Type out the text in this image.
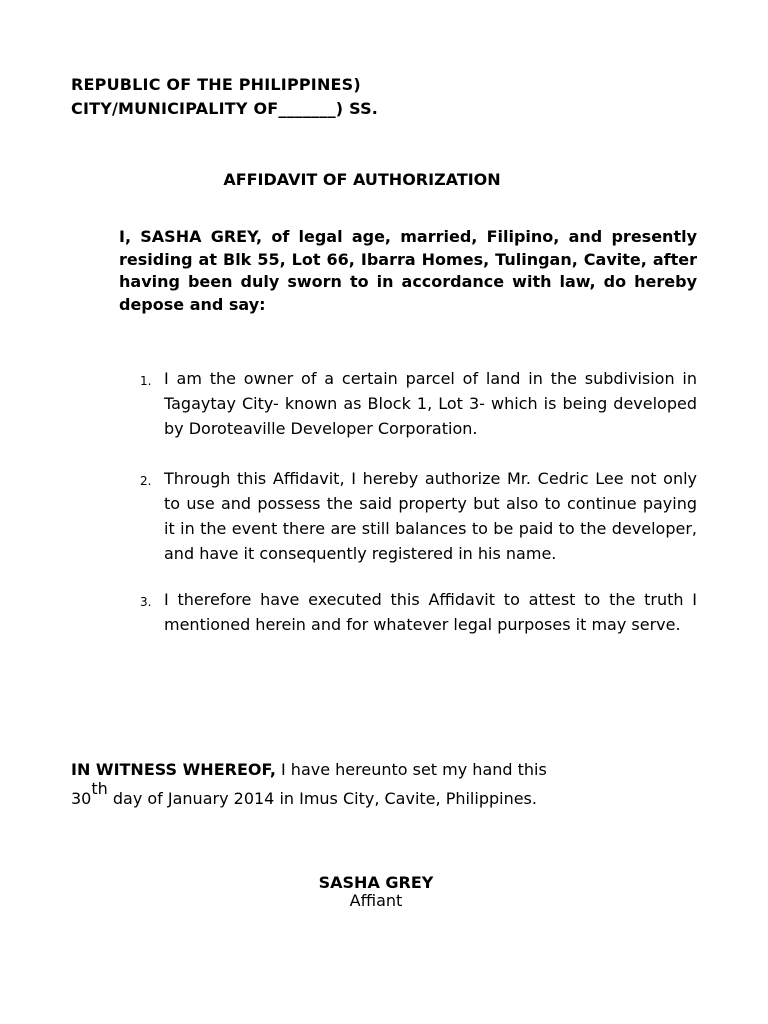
REPUBLIC OF THE PHILIPPINES)
CITY/MUNICIPALITY OF_______) SS.
AFFIDAVIT OF AUTHORIZATION
I, SASHA GREY, of legal age, married, Filipino, and presently residing at Blk 55, Lot 66, Ibarra Homes, Tulingan, Cavite, after having been duly sworn to in accordance with law, do hereby depose and say:
1. I am the owner of a certain parcel of land in the subdivision in Tagaytay City- known as Block 1, Lot 3- which is being developed by Doroteaville Developer Corporation.
2. Through this Affidavit, I hereby authorize Mr. Cedric Lee not only to use and possess the said property but also to continue paying it in the event there are still balances to be paid to the developer, and have it consequently registered in his name.
3. I therefore have executed this Affidavit to attest to the truth I mentioned herein and for whatever legal purposes it may serve.
IN WITNESS WHEREOF, I have hereunto set my hand this
30th day of January 2014 in Imus City, Cavite, Philippines.
SASHA GREY
Affiant
